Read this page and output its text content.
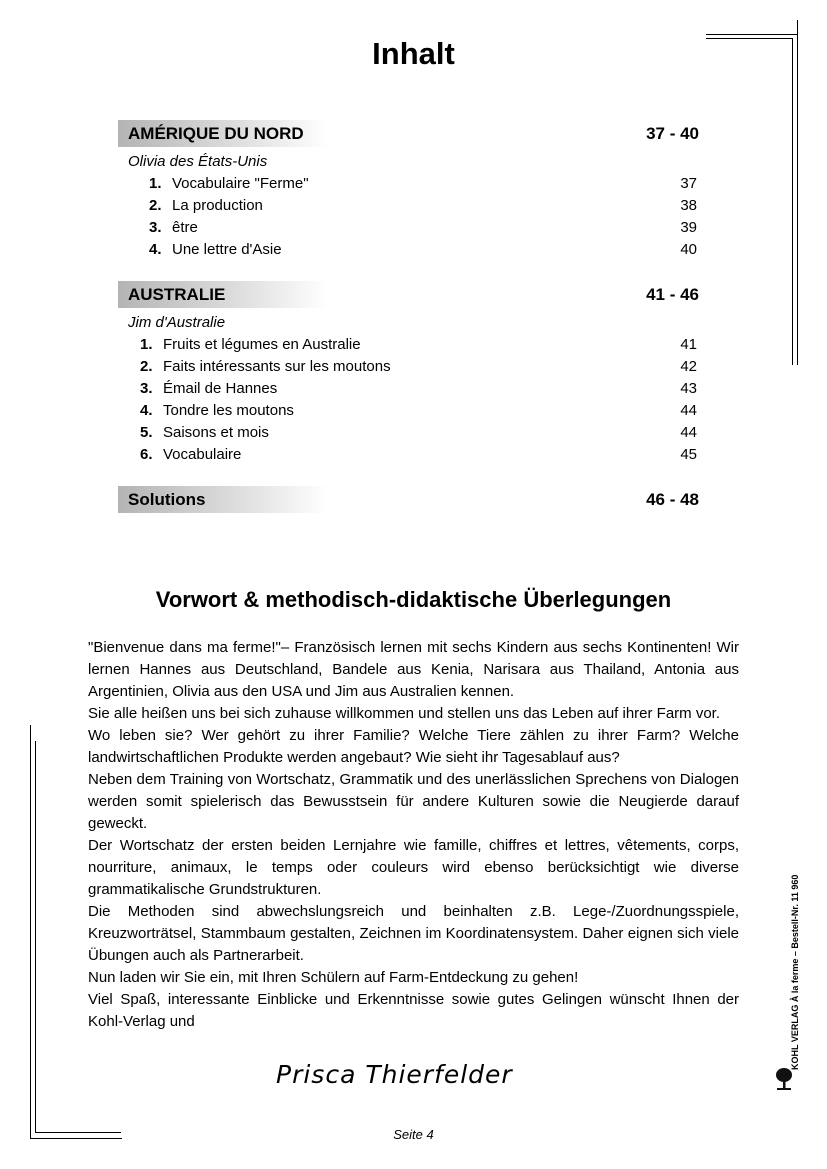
Inhalt
AMÉRIQUE DU NORD	37 - 40
Olivia des États-Unis
1. Vocabulaire "Ferme"	37
2. La production	38
3. être	39
4. Une lettre d'Asie	40
AUSTRALIE	41 - 46
Jim d'Australie
1. Fruits et légumes en Australie	41
2. Faits intéressants sur les moutons	42
3. Émail de Hannes	43
4. Tondre les moutons	44
5. Saisons et mois	44
6. Vocabulaire	45
Solutions	46 - 48
Vorwort & methodisch-didaktische Überlegungen

"Bienvenue dans ma ferme!"– Französisch lernen mit sechs Kindern aus sechs Kontinenten! Wir lernen Hannes aus Deutschland, Bandele aus Kenia, Narisara aus Thailand, Antonia aus Argentinien, Olivia aus den USA und Jim aus Australien kennen.

Sie alle heißen uns bei sich zuhause willkommen und stellen uns das Leben auf ihrer Farm vor.

Wo leben sie? Wer gehört zu ihrer Familie? Welche Tiere zählen zu ihrer Farm? Welche landwirtschaftlichen Produkte werden angebaut? Wie sieht ihr Tagesablauf aus?

Neben dem Training von Wortschatz, Grammatik und des unerlässlichen Sprechens von Dialogen werden somit spielerisch das Bewusstsein für andere Kulturen sowie die Neugierde darauf geweckt.

Der Wortschatz der ersten beiden Lernjahre wie famille, chiffres et lettres, vêtements, corps, nourriture, animaux, le temps oder couleurs wird ebenso berücksichtigt wie diverse grammatikalische Grundstrukturen.

Die Methoden sind abwechslungsreich und beinhalten z.B. Lege-/Zuordnungsspiele, Kreuzworträtsel, Stammbaum gestalten, Zeichnen im Koordinatensystem. Daher eignen sich viele Übungen auch als Partnerarbeit.

Nun laden wir Sie ein, mit Ihren Schülern auf Farm-Entdeckung zu gehen!

Viel Spaß, interessante Einblicke und Erkenntnisse sowie gutes Gelingen wünscht Ihnen der Kohl-Verlag und

Prisca Thierfelder
Seite 4
KOHL VERLAG À la ferme – Bestell-Nr. 11 960
